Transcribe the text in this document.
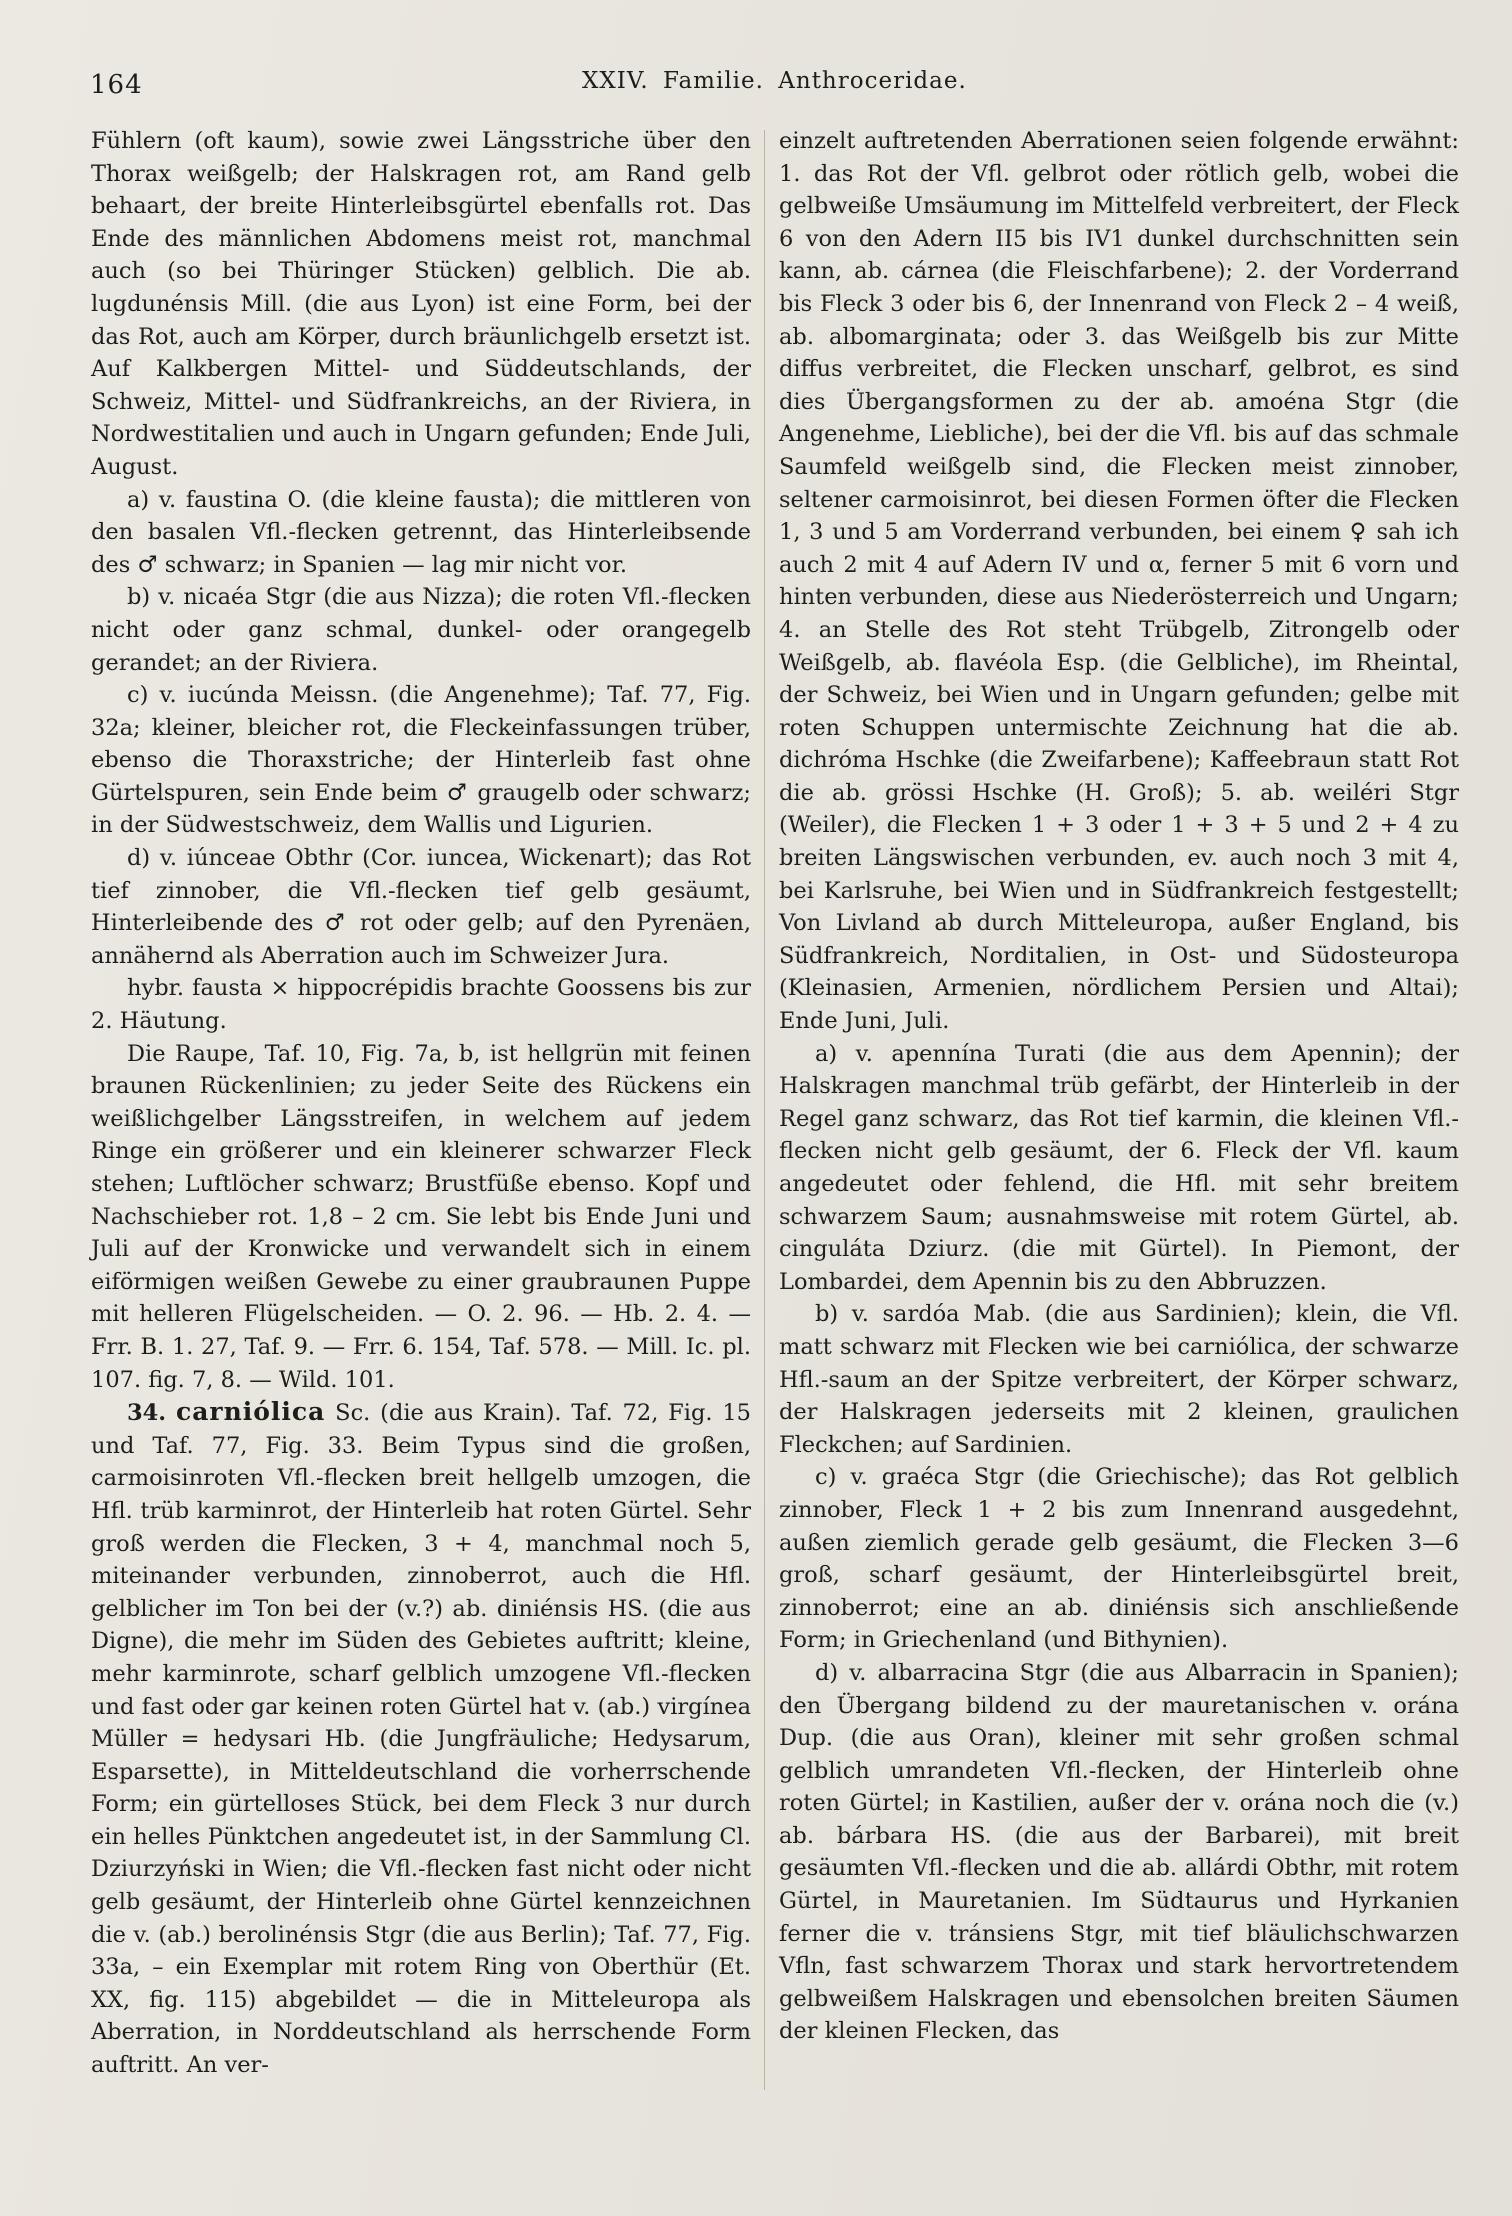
164	XXIV. Familie. Anthroceridae.

Fühlern (oft kaum), sowie zwei Längsstriche über den Thorax weißgelb; der Halskragen rot, am Rand gelb behaart, der breite Hinterleibsgürtel ebenfalls rot. Das Ende des männlichen Abdomens meist rot, manchmal auch (so bei Thüringer Stücken) gelblich. Die ab. lugdunénsis Mill. (die aus Lyon) ist eine Form, bei der das Rot, auch am Körper, durch bräunlichgelb ersetzt ist. Auf Kalkbergen Mittel- und Süddeutschlands, der Schweiz, Mittel- und Südfrankreichs, an der Riviera, in Nordwestitalien und auch in Ungarn gefunden; Ende Juli, August.

a) v. faustina O. (die kleine fausta); die mittleren von den basalen Vfl.-flecken getrennt, das Hinterleibsende des ♂ schwarz; in Spanien — lag mir nicht vor.

b) v. nicaéa Stgr (die aus Nizza); die roten Vfl.-flecken nicht oder ganz schmal, dunkel- oder orangegelb gerandet; an der Riviera.

c) v. iucúnda Meissn. (die Angenehme); Taf. 77, Fig. 32a; kleiner, bleicher rot, die Fleckeinfassungen trüber, ebenso die Thoraxstriche; der Hinterleib fast ohne Gürtelspuren, sein Ende beim ♂ graugelb oder schwarz; in der Südwestschweiz, dem Wallis und Ligurien.

d) v. iúnceae Obthr (Cor. iuncea, Wickenart); das Rot tief zinnober, die Vfl.-flecken tief gelb gesäumt, Hinterleibende des ♂ rot oder gelb; auf den Pyrenäen, annähernd als Aberration auch im Schweizer Jura.

hybr. fausta × hippocrépidis brachte Goossens bis zur 2. Häutung.

Die Raupe, Taf. 10, Fig. 7a, b, ist hellgrün mit feinen braunen Rückenlinien; zu jeder Seite des Rückens ein weißlichgelber Längsstreifen, in welchem auf jedem Ringe ein größerer und ein kleinerer schwarzer Fleck stehen; Luftlöcher schwarz; Brustfüße ebenso. Kopf und Nachschieber rot. 1,8 – 2 cm. Sie lebt bis Ende Juni und Juli auf der Kronwicke und verwandelt sich in einem eiförmigen weißen Gewebe zu einer graubraunen Puppe mit helleren Flügelscheiden. — O. 2. 96. — Hb. 2. 4. — Frr. B. 1. 27, Taf. 9. — Frr. 6. 154, Taf. 578. — Mill. Ic. pl. 107. fig. 7, 8. — Wild. 101.

34. carniólica Sc. (die aus Krain). Taf. 72, Fig. 15 und Taf. 77, Fig. 33. Beim Typus sind die großen, carmoisinroten Vfl.-flecken breit hellgelb umzogen, die Hfl. trüb karminrot, der Hinterleib hat roten Gürtel. Sehr groß werden die Flecken, 3 + 4, manchmal noch 5, miteinander verbunden, zinnoberrot, auch die Hfl. gelblicher im Ton bei der (v.?) ab. diniénsis HS. (die aus Digne), die mehr im Süden des Gebietes auftritt; kleine, mehr karminrote, scharf gelblich umzogene Vfl.-flecken und fast oder gar keinen roten Gürtel hat v. (ab.) virgínea Müller = hedysari Hb. (die Jungfräuliche; Hedysarum, Esparsette), in Mitteldeutschland die vorherrschende Form; ein gürtelloses Stück, bei dem Fleck 3 nur durch ein helles Pünktchen angedeutet ist, in der Sammlung Cl. Dziurzyński in Wien; die Vfl.-flecken fast nicht oder nicht gelb gesäumt, der Hinterleib ohne Gürtel kennzeichnen die v. (ab.) berolinénsis Stgr (die aus Berlin); Taf. 77, Fig. 33a, – ein Exemplar mit rotem Ring von Oberthür (Et. XX, fig. 115) abgebildet — die in Mitteleuropa als Aberration, in Norddeutschland als herrschende Form auftritt. An ver-

einzelt auftretenden Aberrationen seien folgende erwähnt: 1. das Rot der Vfl. gelbrot oder rötlich gelb, wobei die gelbweiße Umsäumung im Mittelfeld verbreitert, der Fleck 6 von den Adern II5 bis IV1 dunkel durchschnitten sein kann, ab. cárnea (die Fleischfarbene); 2. der Vorderrand bis Fleck 3 oder bis 6, der Innenrand von Fleck 2 – 4 weiß, ab. albomarginata; oder 3. das Weißgelb bis zur Mitte diffus verbreitet, die Flecken unscharf, gelbrot, es sind dies Übergangsformen zu der ab. amoéna Stgr (die Angenehme, Liebliche), bei der die Vfl. bis auf das schmale Saumfeld weißgelb sind, die Flecken meist zinnober, seltener carmoisinrot, bei diesen Formen öfter die Flecken 1, 3 und 5 am Vorderrand verbunden, bei einem ♀ sah ich auch 2 mit 4 auf Adern IV und α, ferner 5 mit 6 vorn und hinten verbunden, diese aus Niederösterreich und Ungarn; 4. an Stelle des Rot steht Trübgelb, Zitrongelb oder Weißgelb, ab. flavéola Esp. (die Gelbliche), im Rheintal, der Schweiz, bei Wien und in Ungarn gefunden; gelbe mit roten Schuppen untermischte Zeichnung hat die ab. dichróma Hschke (die Zweifarbene); Kaffeebraun statt Rot die ab. grössi Hschke (H. Groß); 5. ab. weiléri Stgr (Weiler), die Flecken 1 + 3 oder 1 + 3 + 5 und 2 + 4 zu breiten Längswischen verbunden, ev. auch noch 3 mit 4, bei Karlsruhe, bei Wien und in Südfrankreich festgestellt; Von Livland ab durch Mitteleuropa, außer England, bis Südfrankreich, Norditalien, in Ost- und Südosteuropa (Kleinasien, Armenien, nördlichem Persien und Altai); Ende Juni, Juli.

a) v. apennína Turati (die aus dem Apennin); der Halskragen manchmal trüb gefärbt, der Hinterleib in der Regel ganz schwarz, das Rot tief karmin, die kleinen Vfl.-flecken nicht gelb gesäumt, der 6. Fleck der Vfl. kaum angedeutet oder fehlend, die Hfl. mit sehr breitem schwarzem Saum; ausnahmsweise mit rotem Gürtel, ab. cinguláta Dziurz. (die mit Gürtel). In Piemont, der Lombardei, dem Apennin bis zu den Abbruzzen.

b) v. sardóa Mab. (die aus Sardinien); klein, die Vfl. matt schwarz mit Flecken wie bei carniólica, der schwarze Hfl.-saum an der Spitze verbreitert, der Körper schwarz, der Halskragen jederseits mit 2 kleinen, graulichen Fleckchen; auf Sardinien.

c) v. graéca Stgr (die Griechische); das Rot gelblich zinnober, Fleck 1 + 2 bis zum Innenrand ausgedehnt, außen ziemlich gerade gelb gesäumt, die Flecken 3—6 groß, scharf gesäumt, der Hinterleibsgürtel breit, zinnoberrot; eine an ab. diniénsis sich anschließende Form; in Griechenland (und Bithynien).

d) v. albarracina Stgr (die aus Albarracin in Spanien); den Übergang bildend zu der mauretanischen v. orána Dup. (die aus Oran), kleiner mit sehr großen schmal gelblich umrandeten Vfl.-flecken, der Hinterleib ohne roten Gürtel; in Kastilien, außer der v. orána noch die (v.) ab. bárbara HS. (die aus der Barbarei), mit breit gesäumten Vfl.-flecken und die ab. allárdi Obthr, mit rotem Gürtel, in Mauretanien. Im Südtaurus und Hyrkanien ferner die v. tránsiens Stgr, mit tief bläulichschwarzen Vfln, fast schwarzem Thorax und stark hervortretendem gelbweißem Halskragen und ebensolchen breiten Säumen der kleinen Flecken, das
